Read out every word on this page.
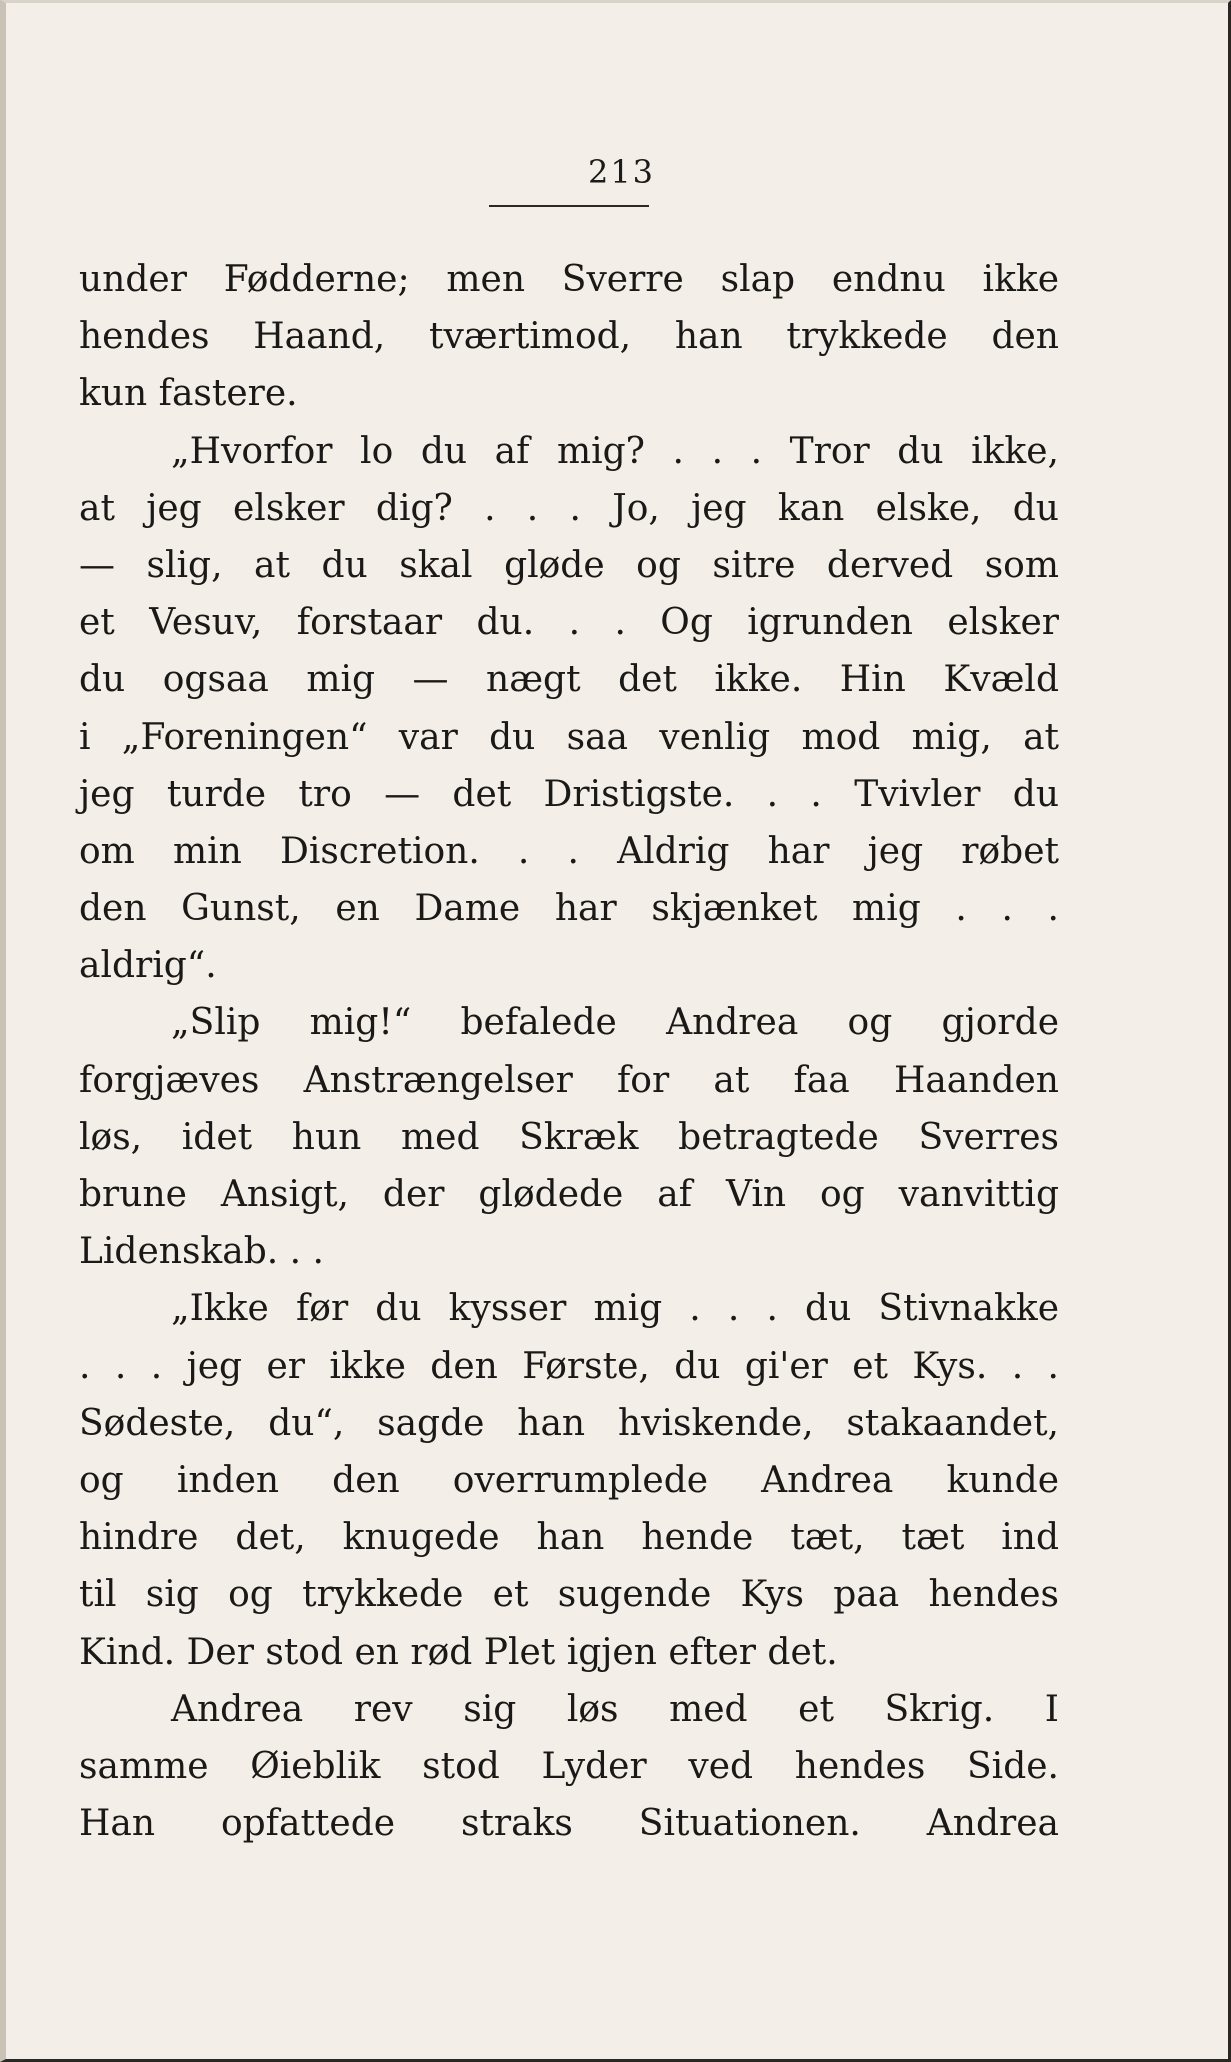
213
under Fødderne; men Sverre slap endnu ikke
hendes Haand, tværtimod, han trykkede den
kun fastere.
„Hvorfor lo du af mig? . . . Tror du ikke,
at jeg elsker dig? . . . Jo, jeg kan elske, du
— slig, at du skal gløde og sitre derved som
et Vesuv, forstaar du. . . Og igrunden elsker
du ogsaa mig — nægt det ikke. Hin Kvæld
i „Foreningen“ var du saa venlig mod mig, at
jeg turde tro — det Dristigste. . . Tvivler du
om min Discretion. . . Aldrig har jeg røbet
den Gunst, en Dame har skjænket mig . . .
aldrig“.
„Slip mig!“ befalede Andrea og gjorde
forgjæves Anstrængelser for at faa Haanden
løs, idet hun med Skræk betragtede Sverres
brune Ansigt, der glødede af Vin og vanvittig
Lidenskab. . .
„Ikke før du kysser mig . . . du Stivnakke
. . . jeg er ikke den Første, du gi'er et Kys. . .
Sødeste, du“, sagde han hviskende, stakaandet,
og inden den overrumplede Andrea kunde
hindre det, knugede han hende tæt, tæt ind
til sig og trykkede et sugende Kys paa hendes
Kind. Der stod en rød Plet igjen efter det.
Andrea rev sig løs med et Skrig. I
samme Øieblik stod Lyder ved hendes Side.
Han opfattede straks Situationen. Andrea
